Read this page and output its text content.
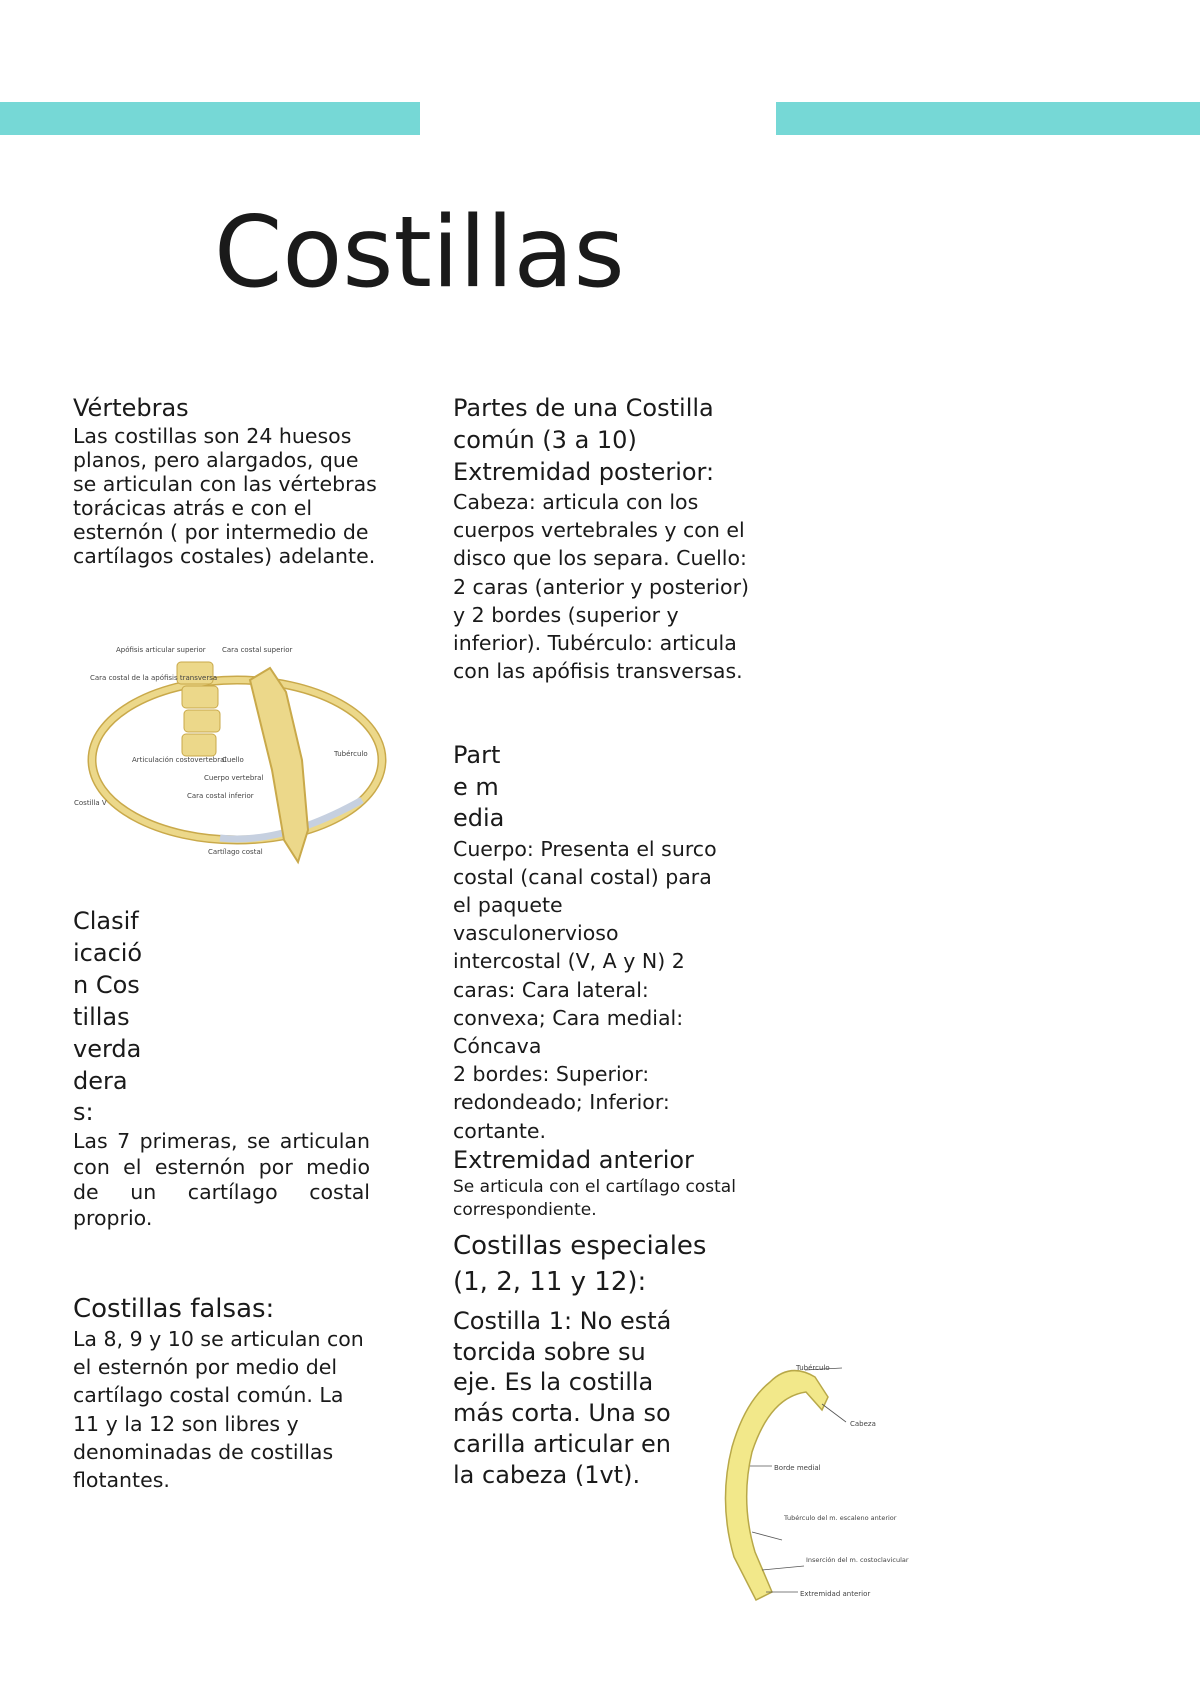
Costillas

Vértebras

Las costillas son 24 huesos planos, pero alargados, que se articulan con las vértebras torácicas atrás e con el esternón ( por intermedio de cartílagos costales) adelante.

Apófisis articular superior Cara costal superior
Cara costal de la apófisis transversa
Articulación costovertebral
Tubérculo
Cuello
Cuerpo vertebral
Cara costal inferior
Costilla V
Cartílago costal

Clasificación Costillas verdaderas:

Las 7 primeras, se articulan con el esternón por medio de un cartílago costal proprio.

Costillas falsas:

La 8, 9 y 10 se articulan con el esternón por medio del cartílago costal común. La 11 y la 12 son libres y denominadas de costillas flotantes.

Partes de una Costilla

común (3 a 10)

Extremidad posterior:

Cabeza: articula con los cuerpos vertebrales y con el disco que los separa. Cuello: 2 caras (anterior y posterior) y 2 bordes (superior y inferior). Tubérculo: articula con las apófisis transversas.

Parte media

Cuerpo: Presenta el surco costal (canal costal) para el paquete vasculonervioso intercostal (V, A y N) 2 caras: Cara lateral: convexa; Cara medial: Cóncava

2 bordes: Superior: redondeado; Inferior: cortante.

Extremidad anterior

Se articula con el cartílago costal correspondiente.

Costillas especiales (1, 2, 11 y 12):

Costilla 1: No está torcida sobre su eje. Es la costilla más corta. Una so carilla articular en la cabeza (1vt).

Tubérculo
Cabeza
Borde medial
Tubérculo del m. escaleno anterior
Inserción del m. costoclavicular
Extremidad anterior
